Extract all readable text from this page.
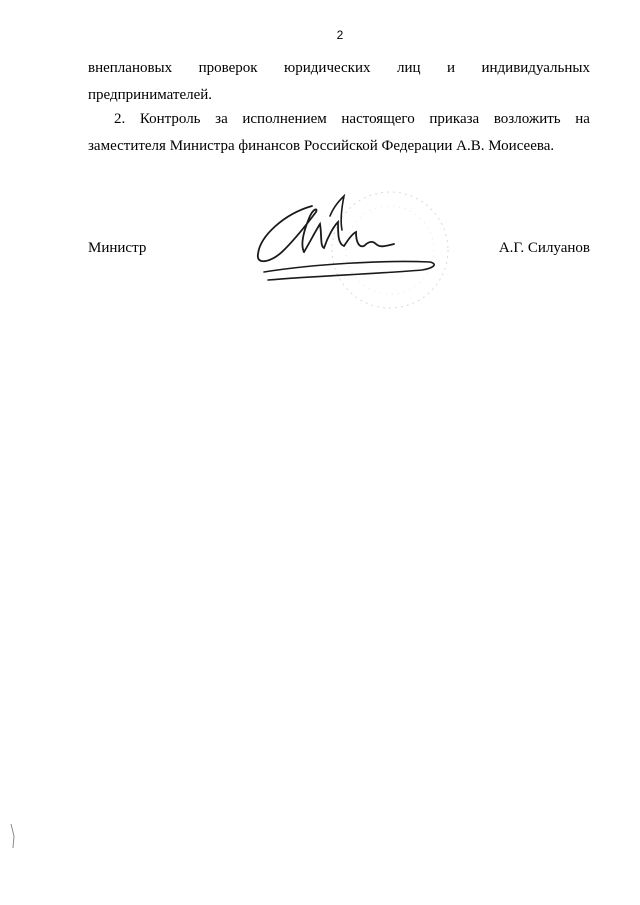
2
внеплановых проверок юридических лиц и индивидуальных
предпринимателей.
2. Контроль за исполнением настоящего приказа возложить на
заместителя Министра финансов Российской Федерации А.В. Моисеева.
Министр	А.Г. Силуанов
